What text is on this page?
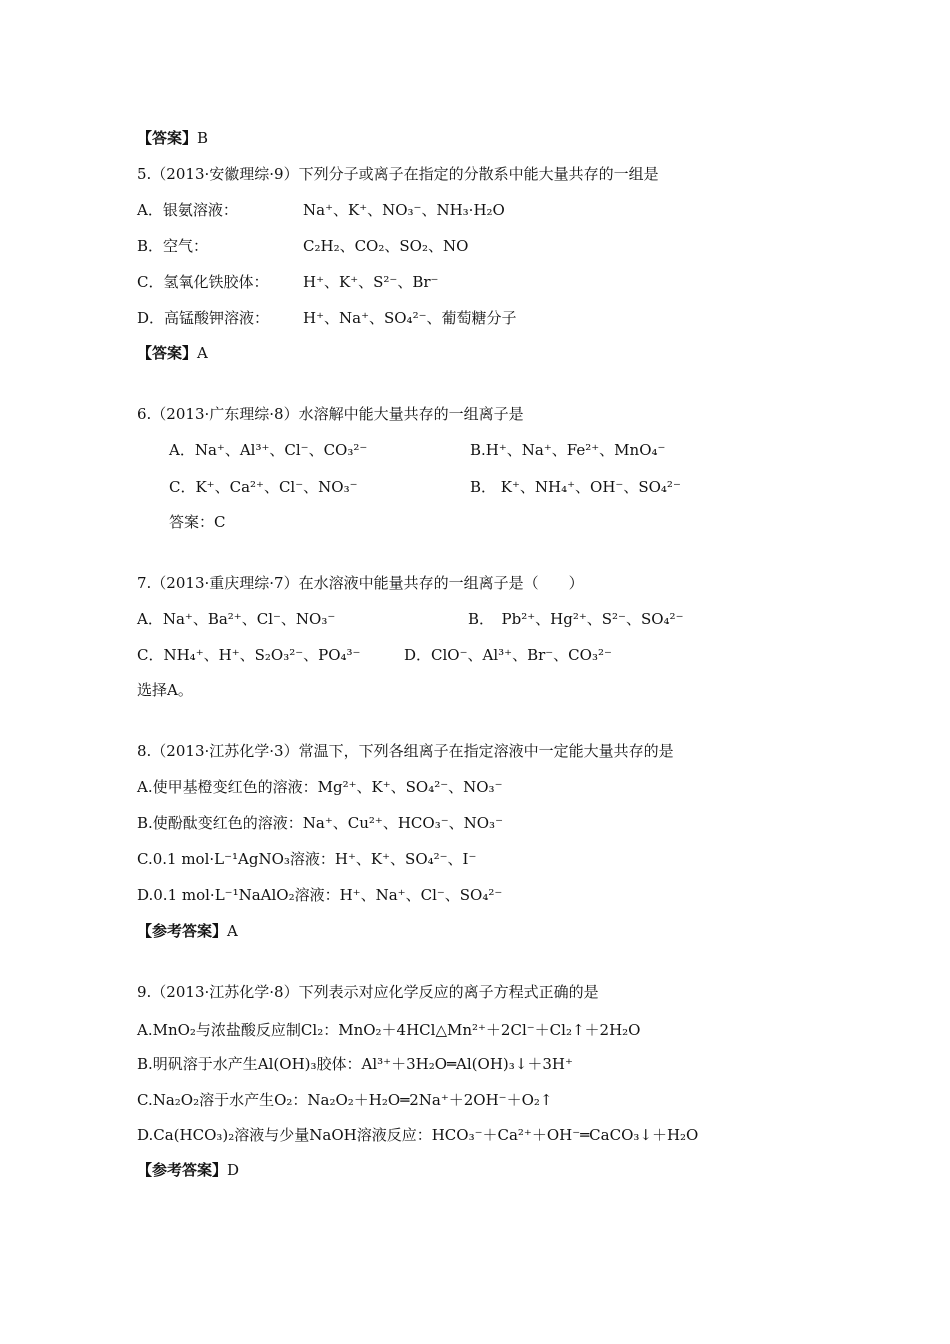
【答案】B
5.（2013·安徽理综·9）下列分子或离子在指定的分散系中能大量共存的一组是
A．银氨溶液：	Na⁺、K⁺、NO₃⁻、NH₃·H₂O
B．空气：	C₂H₂、CO₂、SO₂、NO
C．氢氧化铁胶体： H⁺、K⁺、S²⁻、Br⁻
D．高锰酸钾溶液： H⁺、Na⁺、SO₄²⁻、葡萄糖分子
【答案】A
6.（2013·广东理综·8）水溶解中能大量共存的一组离子是
A．Na⁺、Al³⁺、Cl⁻、CO₃²⁻	B.H⁺、Na⁺、Fe²⁺、MnO₄⁻
C．K⁺、Ca²⁺、Cl⁻、NO₃⁻	B． K⁺、NH₄⁺、OH⁻、SO₄²⁻
答案：C
7.（2013·重庆理综·7）在水溶液中能量共存的一组离子是（　　）
A．Na⁺、Ba²⁺、Cl⁻、NO₃⁻	B．　Pb²⁺、Hg²⁺、S²⁻、SO₄²⁻
C．NH₄⁺、H⁺、S₂O₃²⁻、PO₄³⁻	D．ClO⁻、Al³⁺、Br⁻、CO₃²⁻
选择A。
8.（2013·江苏化学·3）常温下，下列各组离子在指定溶液中一定能大量共存的是
A.使甲基橙变红色的溶液：Mg²⁺、K⁺、SO₄²⁻、NO₃⁻
B.使酚酞变红色的溶液：Na⁺、Cu²⁺、HCO₃⁻、NO₃⁻
C.0.1 mol·L⁻¹AgNO₃溶液：H⁺、K⁺、SO₄²⁻、I⁻
D.0.1 mol·L⁻¹NaAlO₂溶液：H⁺、Na⁺、Cl⁻、SO₄²⁻
【参考答案】A
9.（2013·江苏化学·8）下列表示对应化学反应的离子方程式正确的是
A.MnO₂与浓盐酸反应制Cl₂：MnO₂＋4HCl△Mn²⁺＋2Cl⁻＋Cl₂↑＋2H₂O
B.明矾溶于水产生Al(OH)₃胶体：Al³⁺＋3H₂O═Al(OH)₃↓＋3H⁺
C.Na₂O₂溶于水产生O₂：Na₂O₂＋H₂O═2Na⁺＋2OH⁻＋O₂↑
D.Ca(HCO₃)₂溶液与少量NaOH溶液反应：HCO₃⁻＋Ca²⁺＋OH⁻═CaCO₃↓＋H₂O
【参考答案】D
